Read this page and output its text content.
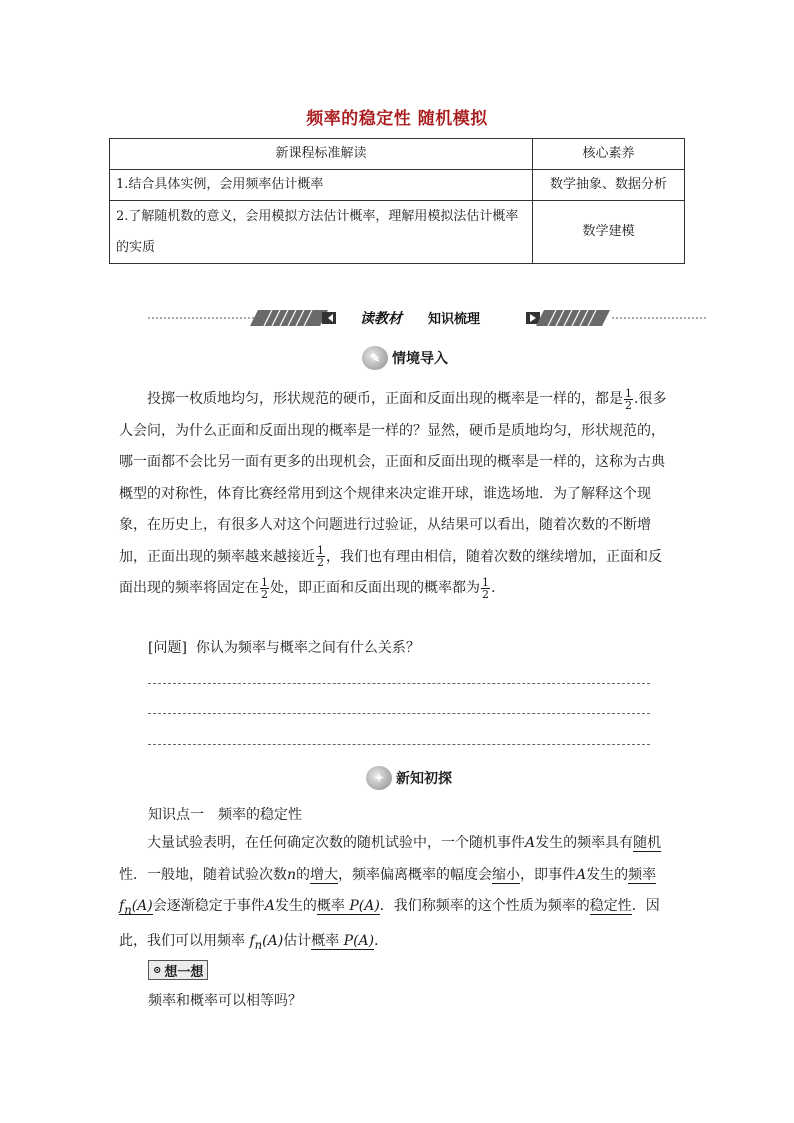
频率的稳定性 随机模拟
新课程标准解读	核心素养
1.结合具体实例，会用频率估计概率	数学抽象、数据分析
2.了解随机数的意义，会用模拟方法估计概率，理解用模拟法估计概率的实质	数学建模
读教材 知识梳理
✎ 情境导入
投掷一枚质地均匀，形状规范的硬币，正面和反面出现的概率是一样的，都是 $\frac{1}{2}$ .很多人会问，为什么正面和反面出现的概率是一样的？显然，硬币是质地均匀，形状规范的，哪一面都不会比另一面有更多的出现机会，正面和反面出现的概率是一样的，这称为古典概型的对称性，体育比赛经常用到这个规律来决定谁开球，谁选场地．为了解释这个现象，在历史上，有很多人对这个问题进行过验证，从结果可以看出，随着次数的不断增加，正面出现的频率越来越接近 $\frac{1}{2}$ ，我们也有理由相信，随着次数的继续增加，正面和反面出现的频率将固定在 $\frac{1}{2}$ 处，即正面和反面出现的概率都为 $\frac{1}{2}$ .
[问题] 你认为频率与概率之间有什么关系？
✦ 新知初探
知识点一　频率的稳定性
大量试验表明，在任何确定次数的随机试验中，一个随机事件A发生的频率具有随机性．一般地，随着试验次数n的增大，频率偏离概率的幅度会缩小，即事件A发生的频率 $f_n(A)$会逐渐稳定于事件A发生的概率 P(A)．我们称频率的这个性质为频率的稳定性．因此，我们可以用频率 $f_n(A)$估计概率 P(A)．
⊙ 想一想
频率和概率可以相等吗？
